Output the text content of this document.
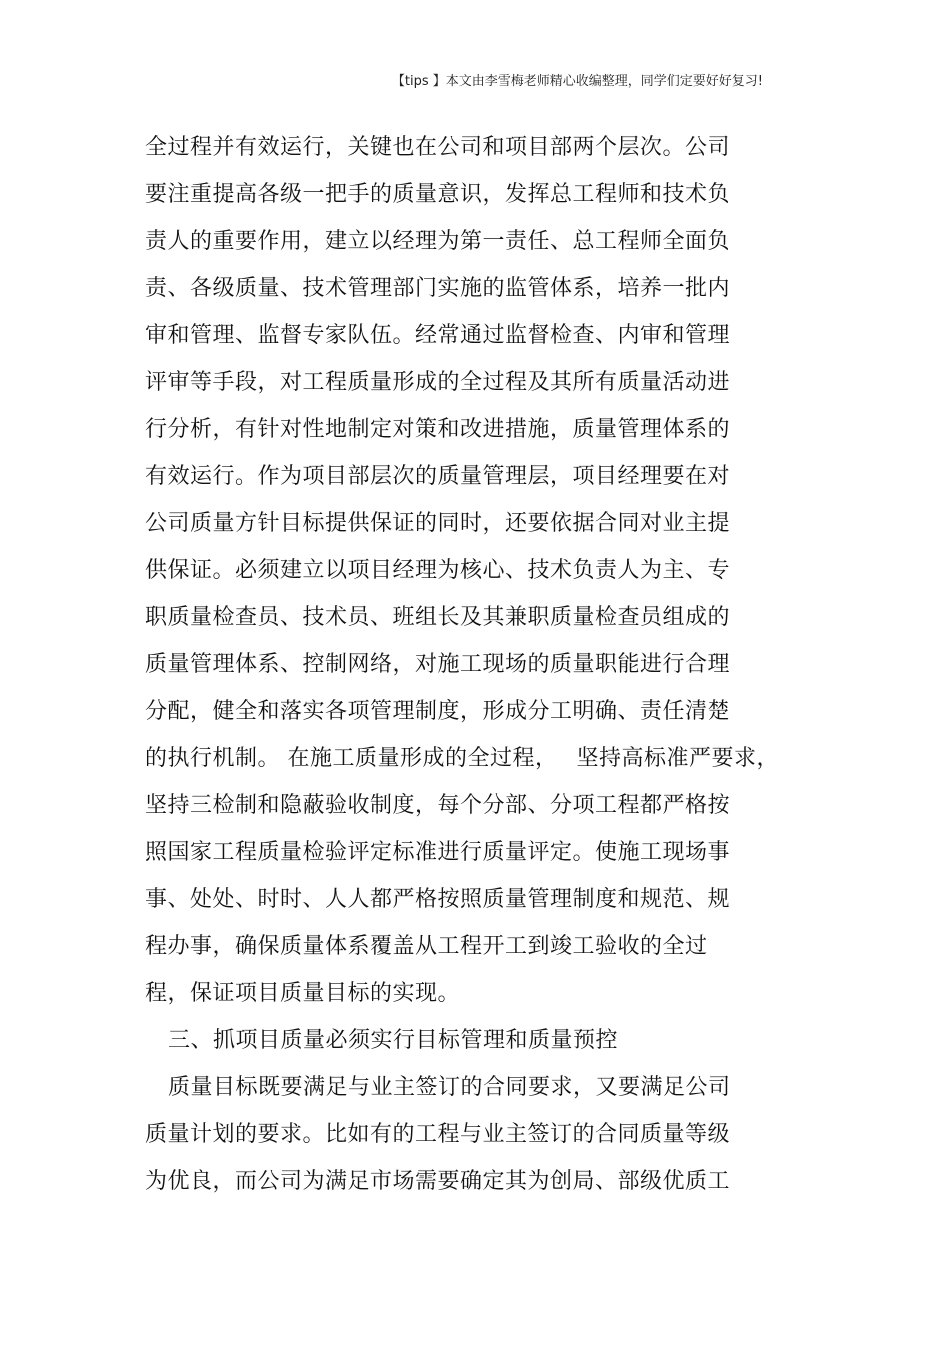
【tips 】本文由李雪梅老师精心收编整理，同学们定要好好复习!
全过程并有效运行，关键也在公司和项目部两个层次。公司
要注重提高各级一把手的质量意识，发挥总工程师和技术负
责人的重要作用，建立以经理为第一责任、总工程师全面负
责、各级质量、技术管理部门实施的监管体系，培养一批内
审和管理、监督专家队伍。经常通过监督检查、内审和管理
评审等手段，对工程质量形成的全过程及其所有质量活动进
行分析，有针对性地制定对策和改进措施，质量管理体系的
有效运行。作为项目部层次的质量管理层，项目经理要在对
公司质量方针目标提供保证的同时，还要依据合同对业主提
供保证。必须建立以项目经理为核心、技术负责人为主、专
职质量检查员、技术员、班组长及其兼职质量检查员组成的
质量管理体系、控制网络，对施工现场的质量职能进行合理
分配，健全和落实各项管理制度，形成分工明确、责任清楚
的执行机制。 在施工质量形成的全过程，　 坚持高标准严要求，
坚持三检制和隐蔽验收制度，每个分部、分项工程都严格按
照国家工程质量检验评定标准进行质量评定。使施工现场事
事、处处、时时、人人都严格按照质量管理制度和规范、规
程办事，确保质量体系覆盖从工程开工到竣工验收的全过
程，保证项目质量目标的实现。
三、抓项目质量必须实行目标管理和质量预控
质量目标既要满足与业主签订的合同要求，又要满足公司
质量计划的要求。比如有的工程与业主签订的合同质量等级
为优良，而公司为满足市场需要确定其为创局、部级优质工
